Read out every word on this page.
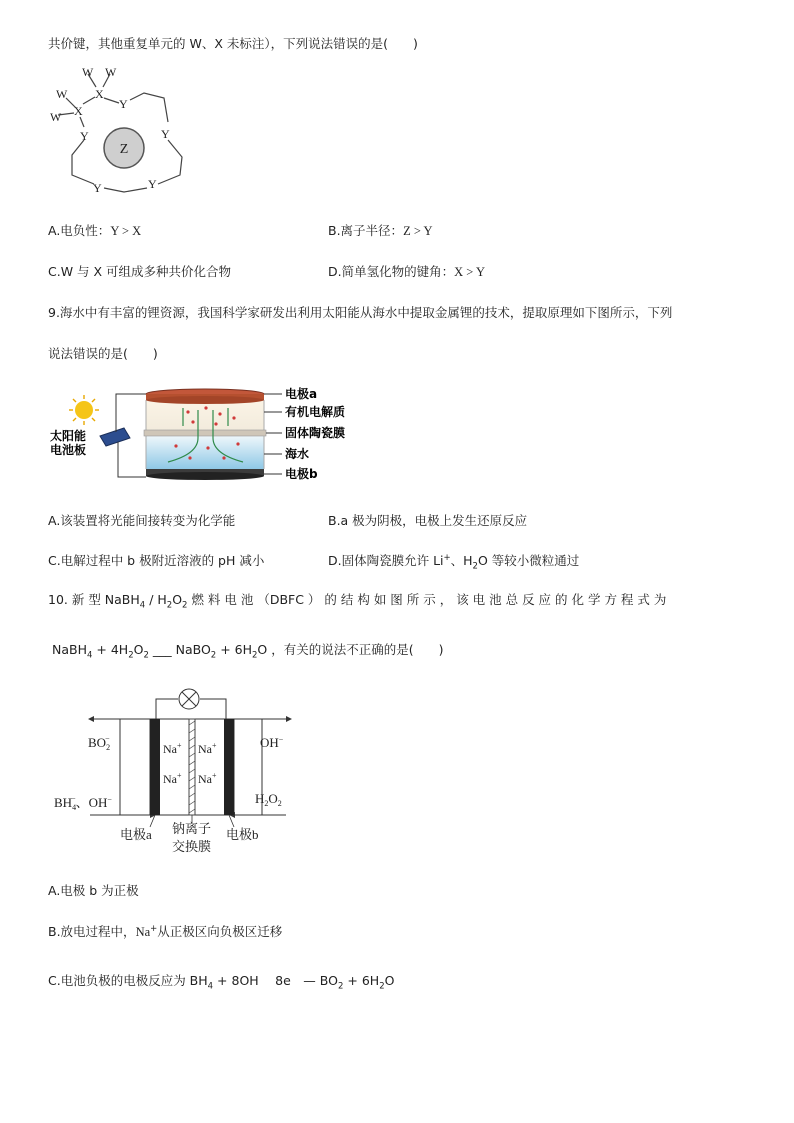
共价键，其他重复单元的 W、X 未标注），下列说法错误的是(　　)
Z
W W
X
Y
W
X
W
Y	Y
Y	Y
A.电负性：Y > X	B.离子半径：Z > Y
C.W 与 X 可组成多种共价化合物	D.简单氢化物的键角：X > Y
9.海水中有丰富的锂资源，我国科学家研发出利用太阳能从海水中提取金属锂的技术，提取原理如下图所示，下列
说法错误的是(　　)
电极a
有机电解质
固体陶瓷膜
海水
电极b
太阳能
电池板
A.该装置将光能间接转变为化学能	B.a 极为阴极，电极上发生还原反应
C.电解过程中 b 极附近溶液的 pH 减小	D.固体陶瓷膜允许 Li+、$H_2O$ 等较小微粒通过
10. 新 型 NaBH$_4$ / $H_2O_2$ 燃 料 电 池 （DBFC ） 的 结 构 如 图 所 示 ， 该 电 池 总 反 应 的 化 学 方 程 式 为
NaBH$_4$ + $4H_2O_2$ ___ NaBO$_2$ + $6H_2O$ ，有关的说法不正确的是(　　)
Na+
Na+
Na+
Na+
$BO_2-$
$BH_4-$、OH−
OH−
$H_2O_2$
电极a 钠离子
交换膜
电极b
A.电极 b 为正极
B.放电过程中，Na+从正极区向负极区迁移
C.电池负极的电极反应为 $BH_4 + 8OH$　 8e　— $BO_2 + 6H_2O$
